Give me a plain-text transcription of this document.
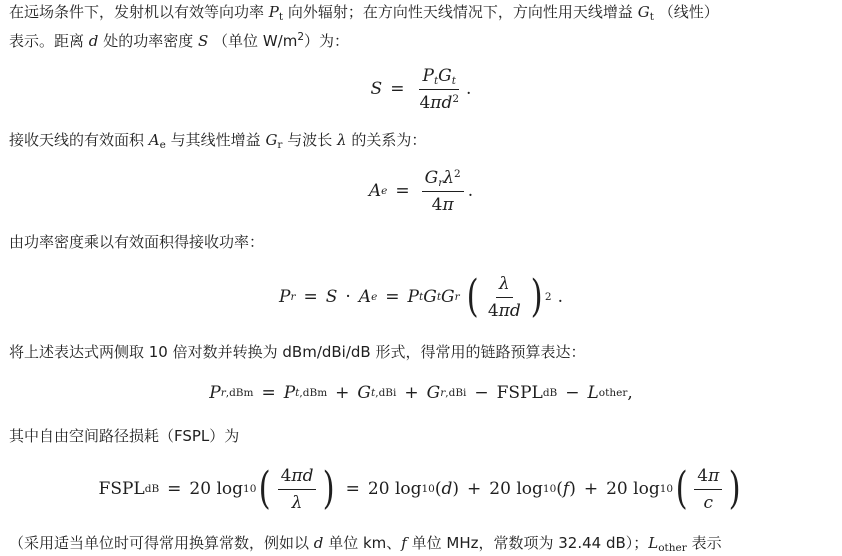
在远场条件下，发射机以有效等向功率 $P_t$ 向外辐射；在方向性天线情况下，方向性用天线增益 $G_t$ （线性）
表示。距离 d 处的功率密度 S （单位 $W/m^2$）为：
$S = \frac{P_tG_t}{4\pi d^2}$ .
接收天线的有效面积 $A_e$ 与其线性增益 $G_r$ 与波长 λ 的关系为：
A $e = \frac{G_r\lambda^2}{4\pi}$ .
由功率密度乘以有效面积得接收功率：
P r = S · A e = P t G t G r ( $\frac{\lambda}{4\pi d}$ ) 2 .
将上述表达式两侧取 10 倍对数并转换为 dBm/dBi/dB 形式，得常用的链路预算表达：
P r,dBm = P t,dBm + G t,dBi + G r,dBi − FSPL dB − L other ,
其中自由空间路径损耗（FSPL）为
FSPL dB = 20
log 10 ( $\frac{4\pi d}{\lambda}$ ) = 20
log 10 ( d ) + 20
log 10 ( f ) + 20
log 10 ( $\frac{4\pi}{c}$ )
（采用适当单位时可得常用换算常数，例如以 d 单位 km、f 单位 MHz，常数项为 32.44 dB）；$L_{other}$ 表示
